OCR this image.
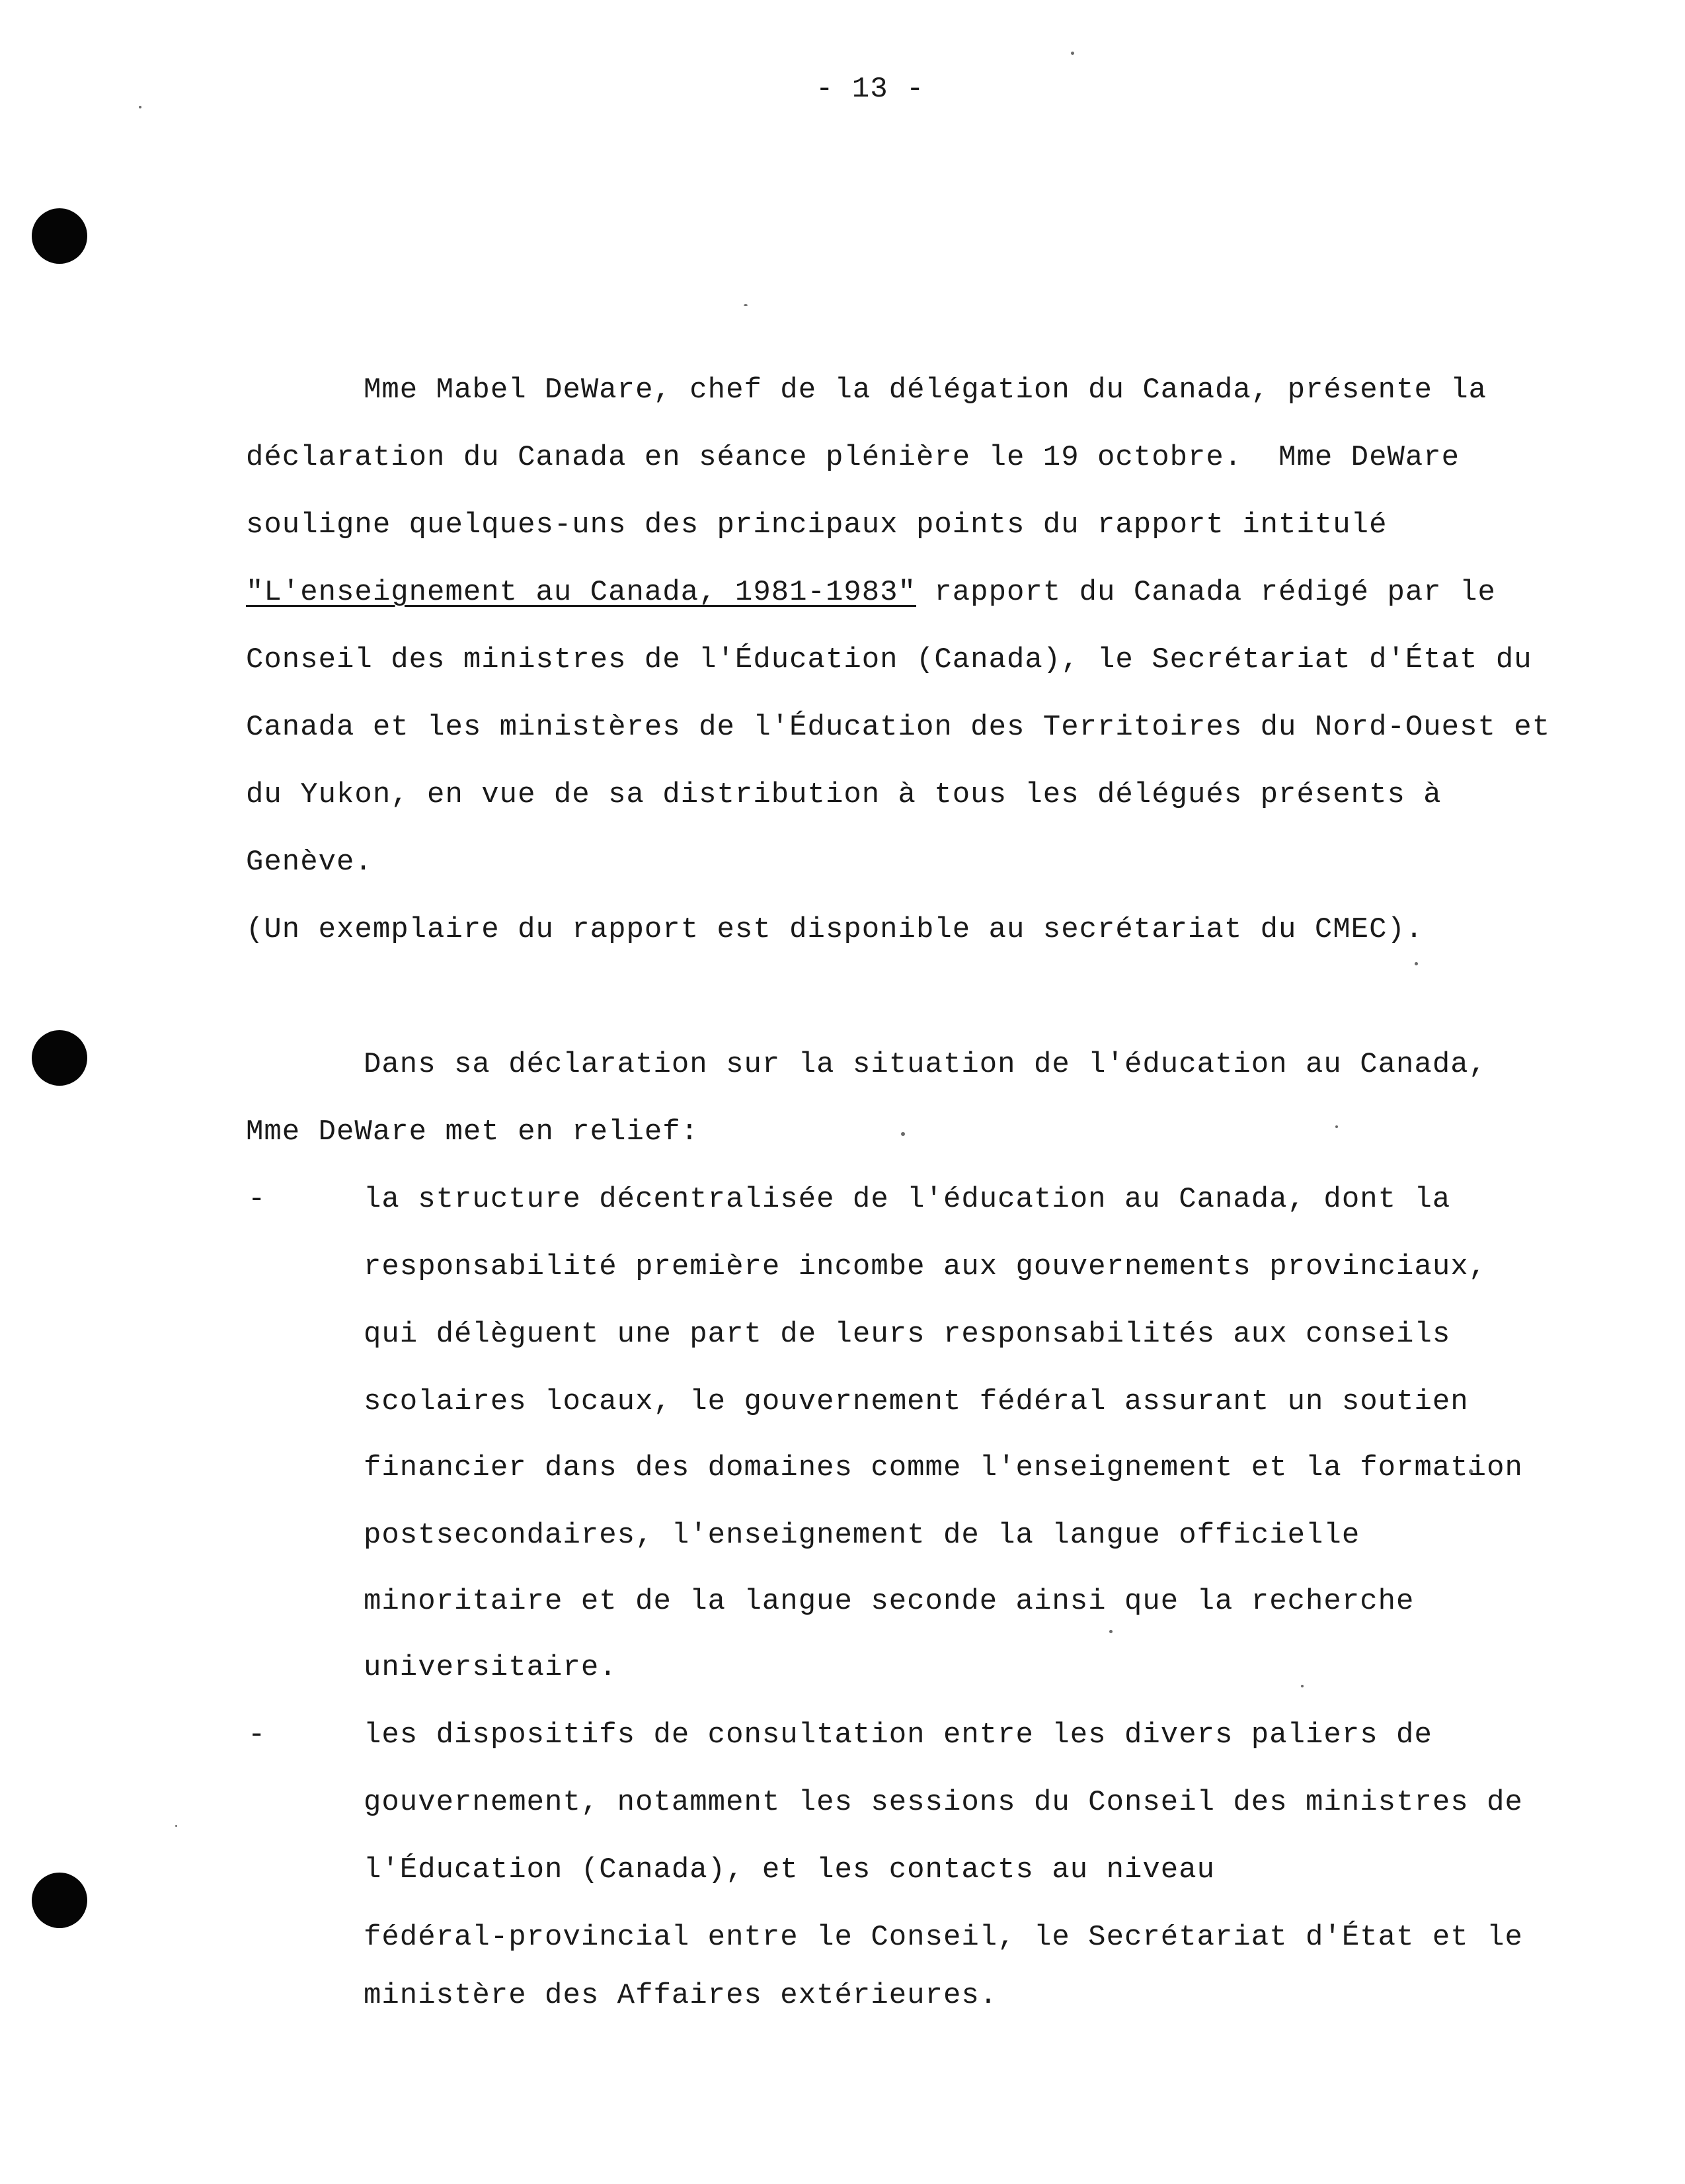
- 13 -
Mme Mabel DeWare, chef de la délégation du Canada, présente la
déclaration du Canada en séance plénière le 19 octobre.  Mme DeWare
souligne quelques-uns des principaux points du rapport intitulé
"L'enseignement au Canada, 1981-1983" rapport du Canada rédigé par le
Conseil des ministres de l'Éducation (Canada), le Secrétariat d'État du
Canada et les ministères de l'Éducation des Territoires du Nord-Ouest et
du Yukon, en vue de sa distribution à tous les délégués présents à
Genève.
(Un exemplaire du rapport est disponible au secrétariat du CMEC).
Dans sa déclaration sur la situation de l'éducation au Canada,
Mme DeWare met en relief:
-	la structure décentralisée de l'éducation au Canada, dont la
responsabilité première incombe aux gouvernements provinciaux,
qui délèguent une part de leurs responsabilités aux conseils
scolaires locaux, le gouvernement fédéral assurant un soutien
financier dans des domaines comme l'enseignement et la formation
postsecondaires, l'enseignement de la langue officielle
minoritaire et de la langue seconde ainsi que la recherche
universitaire.
-	les dispositifs de consultation entre les divers paliers de
gouvernement, notamment les sessions du Conseil des ministres de
l'Éducation (Canada), et les contacts au niveau
fédéral-provincial entre le Conseil, le Secrétariat d'État et le
ministère des Affaires extérieures.
